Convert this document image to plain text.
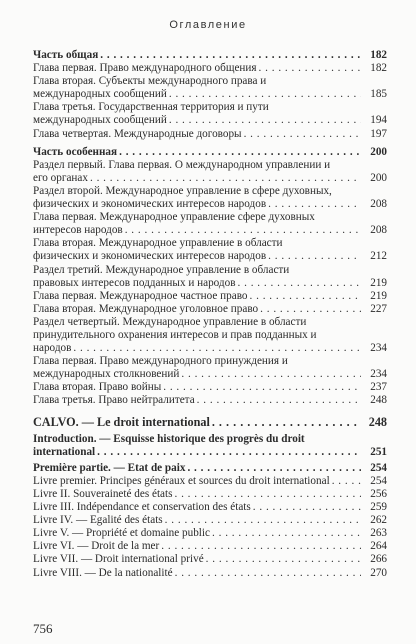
Оглавление
Часть общая . . .	182
Глава первая. Право международного общения . . .	182
Глава вторая. Субъекты международного права и международных сообщений . . .	185
Глава третья. Государственная территория и пути международных сообщений . . .	194
Глава четвертая. Международные договоры . . .	197
Часть особенная . . .	200
Раздел первый. Глава первая. О международном управлении и его органах . . .	200
Раздел второй. Международное управление в сфере духовных, физических и экономических интересов народов . . .	208
Глава первая. Международное управление сфере духовных интересов народов . . .	208
Глава вторая. Международное управление в области физических и экономических интересов народов . . .	212
Раздел третий. Международное управление в области правовых интересов подданных и народов . . .	219
Глава первая. Международное частное право . . .	219
Глава вторая. Международное уголовное право . . .	227
Раздел четвертый. Международное управление в области принудительного охранения интересов и прав подданных и народов . . .	234
Глава первая. Право международного принуждения и международных столкновений . . .	234
Глава вторая. Право войны . . .	237
Глава третья. Право нейтралитета . . .	248
CALVO. — Le droit international . . .	248
Introduction. — Esquisse historique des progrès du droit international . . .	251
Première partie. — Etat de paix . . .	254
Livre premier. Principes généraux et sources du droit international . . .	254
Livre II. Souveraineté des états . . .	256
Livre III. Indépendance et conservation des états . . .	259
Livre IV. — Egalité des états . . .	262
Livre V. — Propriété et domaine public . . .	263
Livre VI. — Droit de la mer . . .	264
Livre VII. — Droit international privé . . .	266
Livre VIII. — De la nationalité . . .	270
756
